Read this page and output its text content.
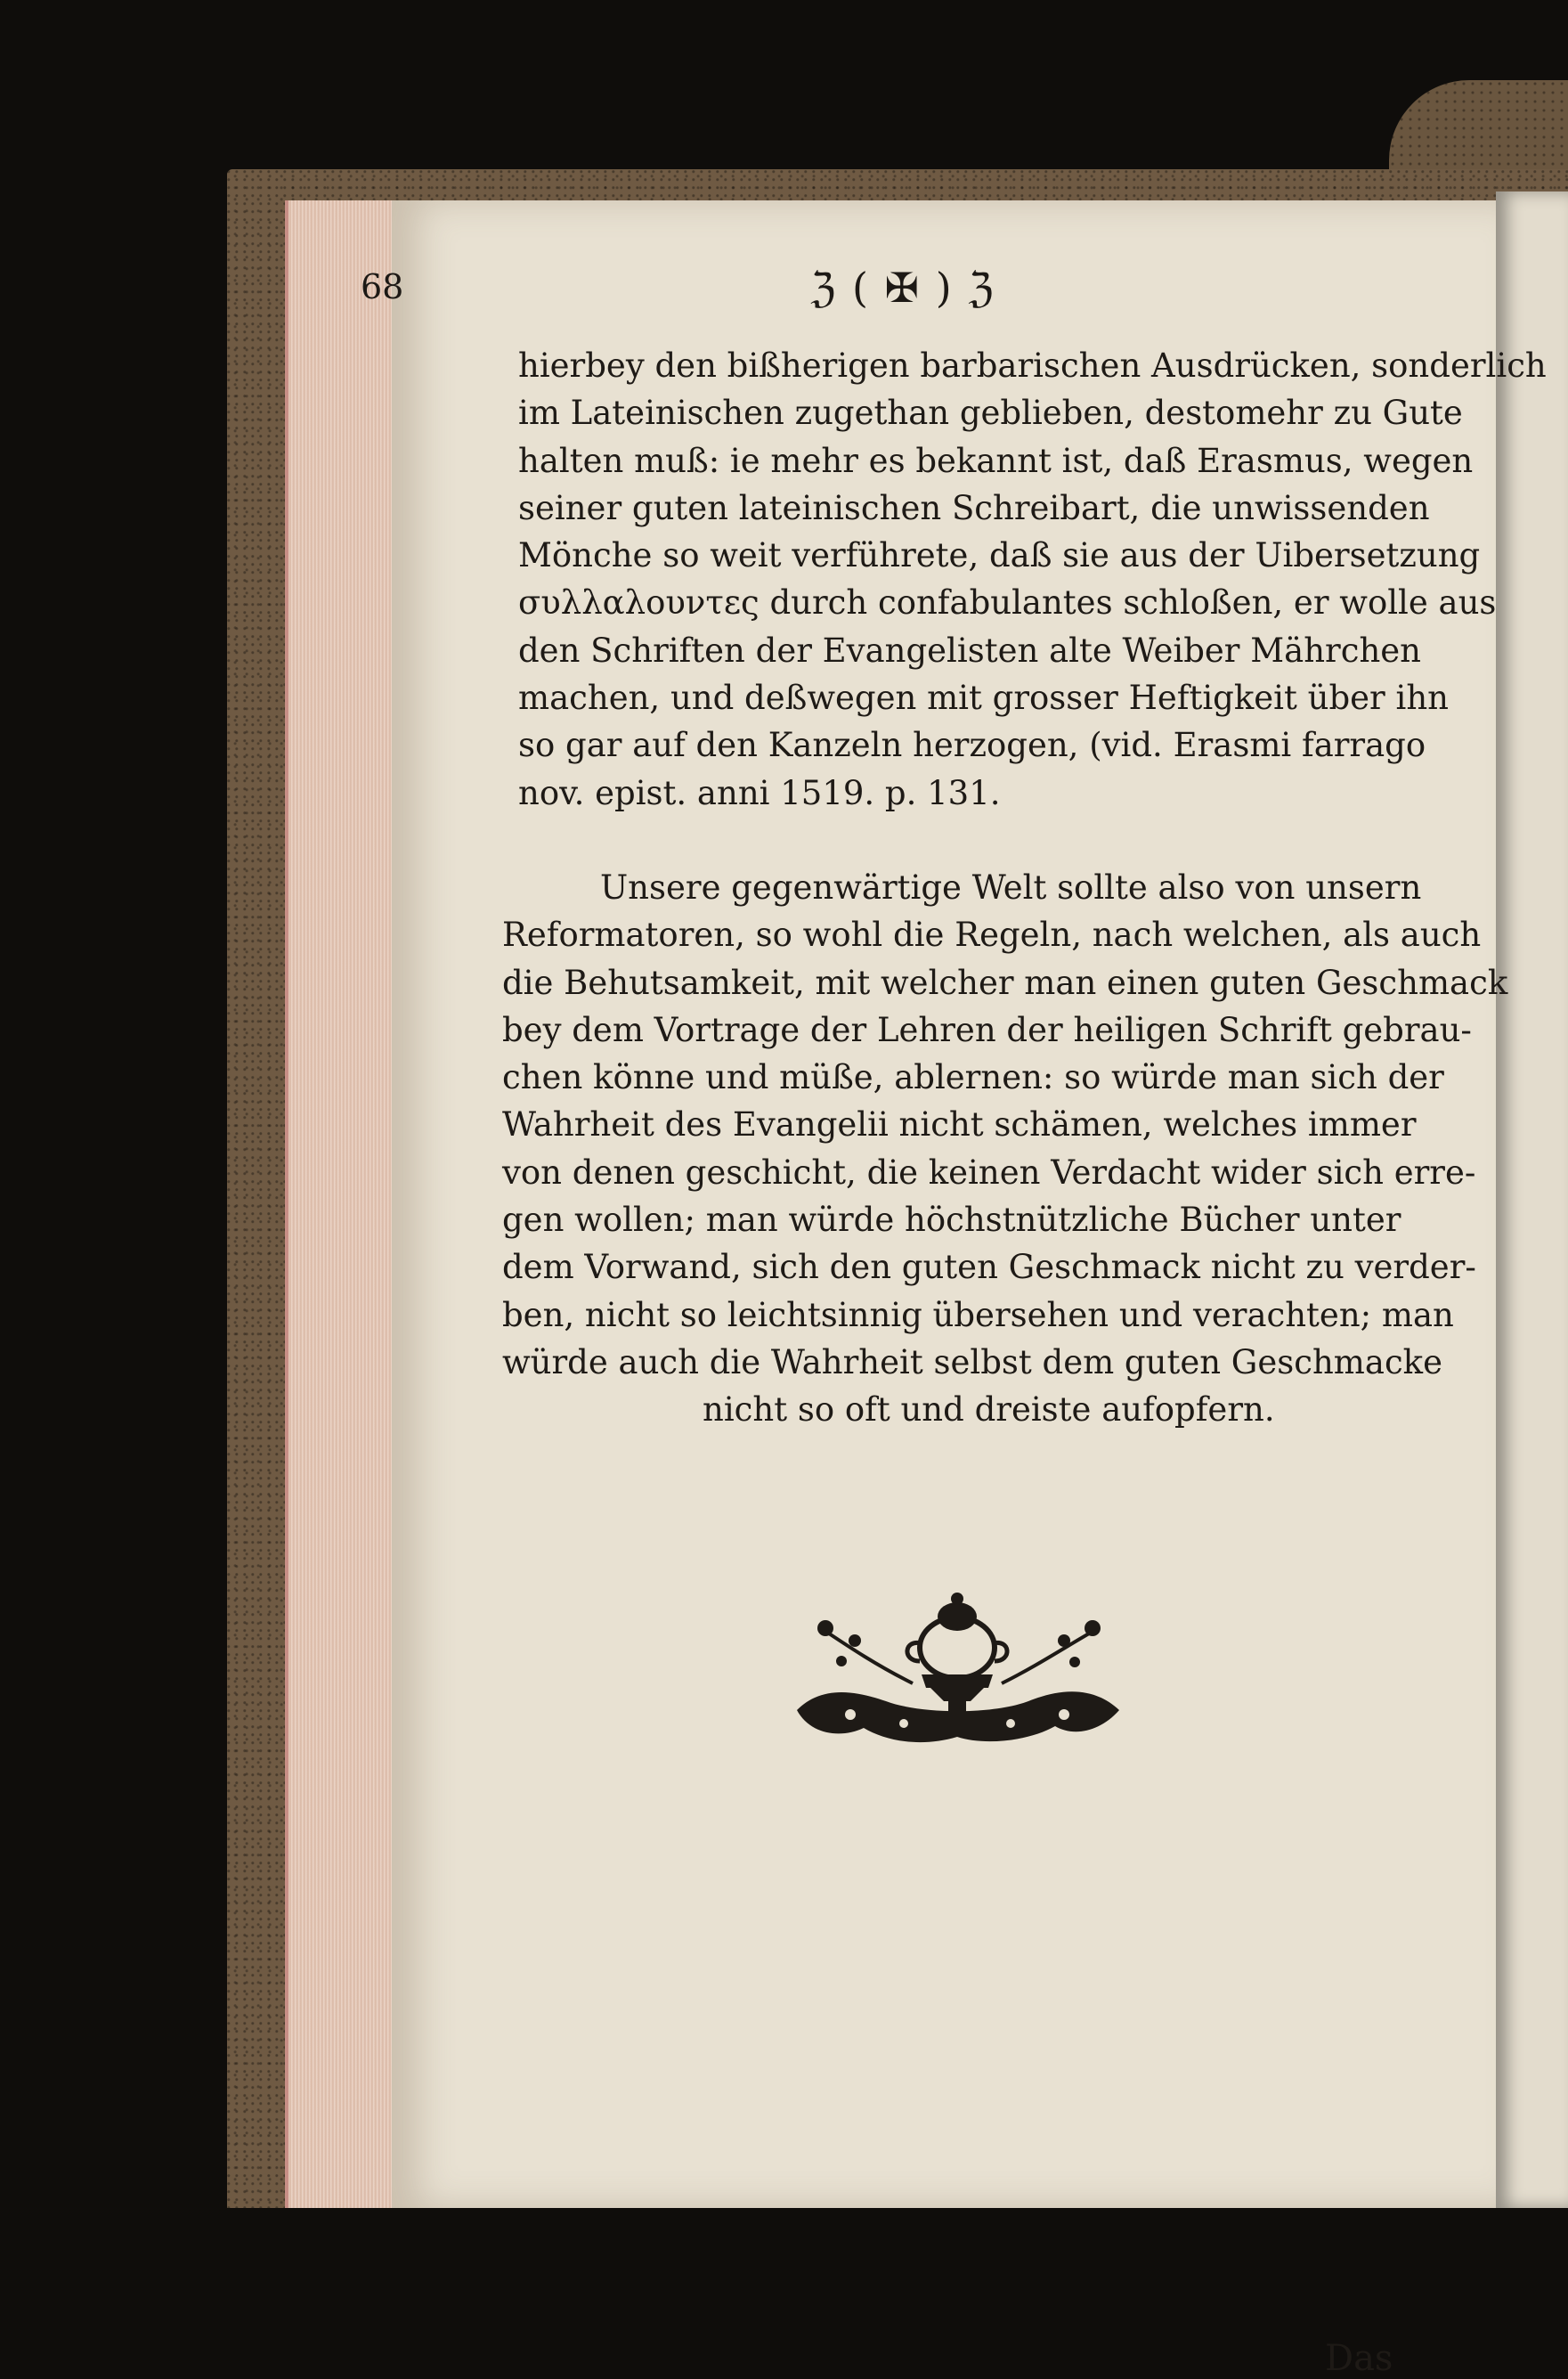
68	ℨ ( ✠ ) ℨ
hierbey den bißherigen barbarischen Ausdrücken, sonderlich
im Lateinischen zugethan geblieben, destomehr zu Gute
halten muß: ie mehr es bekannt ist, daß Erasmus, wegen
seiner guten lateinischen Schreibart, die unwissenden
Mönche so weit verführete, daß sie aus der Uibersetzung
συλλαλουντες durch confabulantes schloßen, er wolle aus
den Schriften der Evangelisten alte Weiber Mährchen
machen, und deßwegen mit grosser Heftigkeit über ihn
so gar auf den Kanzeln herzogen, (vid. Erasmi farrago
nov. epist. anni 1519. p. 131.
Unsere gegenwärtige Welt sollte also von unsern
Reformatoren, so wohl die Regeln, nach welchen, als auch
die Behutsamkeit, mit welcher man einen guten Geschmack
bey dem Vortrage der Lehren der heiligen Schrift gebrau-
chen könne und müße, ablernen: so würde man sich der
Wahrheit des Evangelii nicht schämen, welches immer
von denen geschicht, die keinen Verdacht wider sich erre-
gen wollen; man würde höchstnützliche Bücher unter
dem Vorwand, sich den guten Geschmack nicht zu verder-
ben, nicht so leichtsinnig übersehen und verachten; man
würde auch die Wahrheit selbst dem guten Geschmacke
nicht so oft und dreiste aufopfern.
Das
